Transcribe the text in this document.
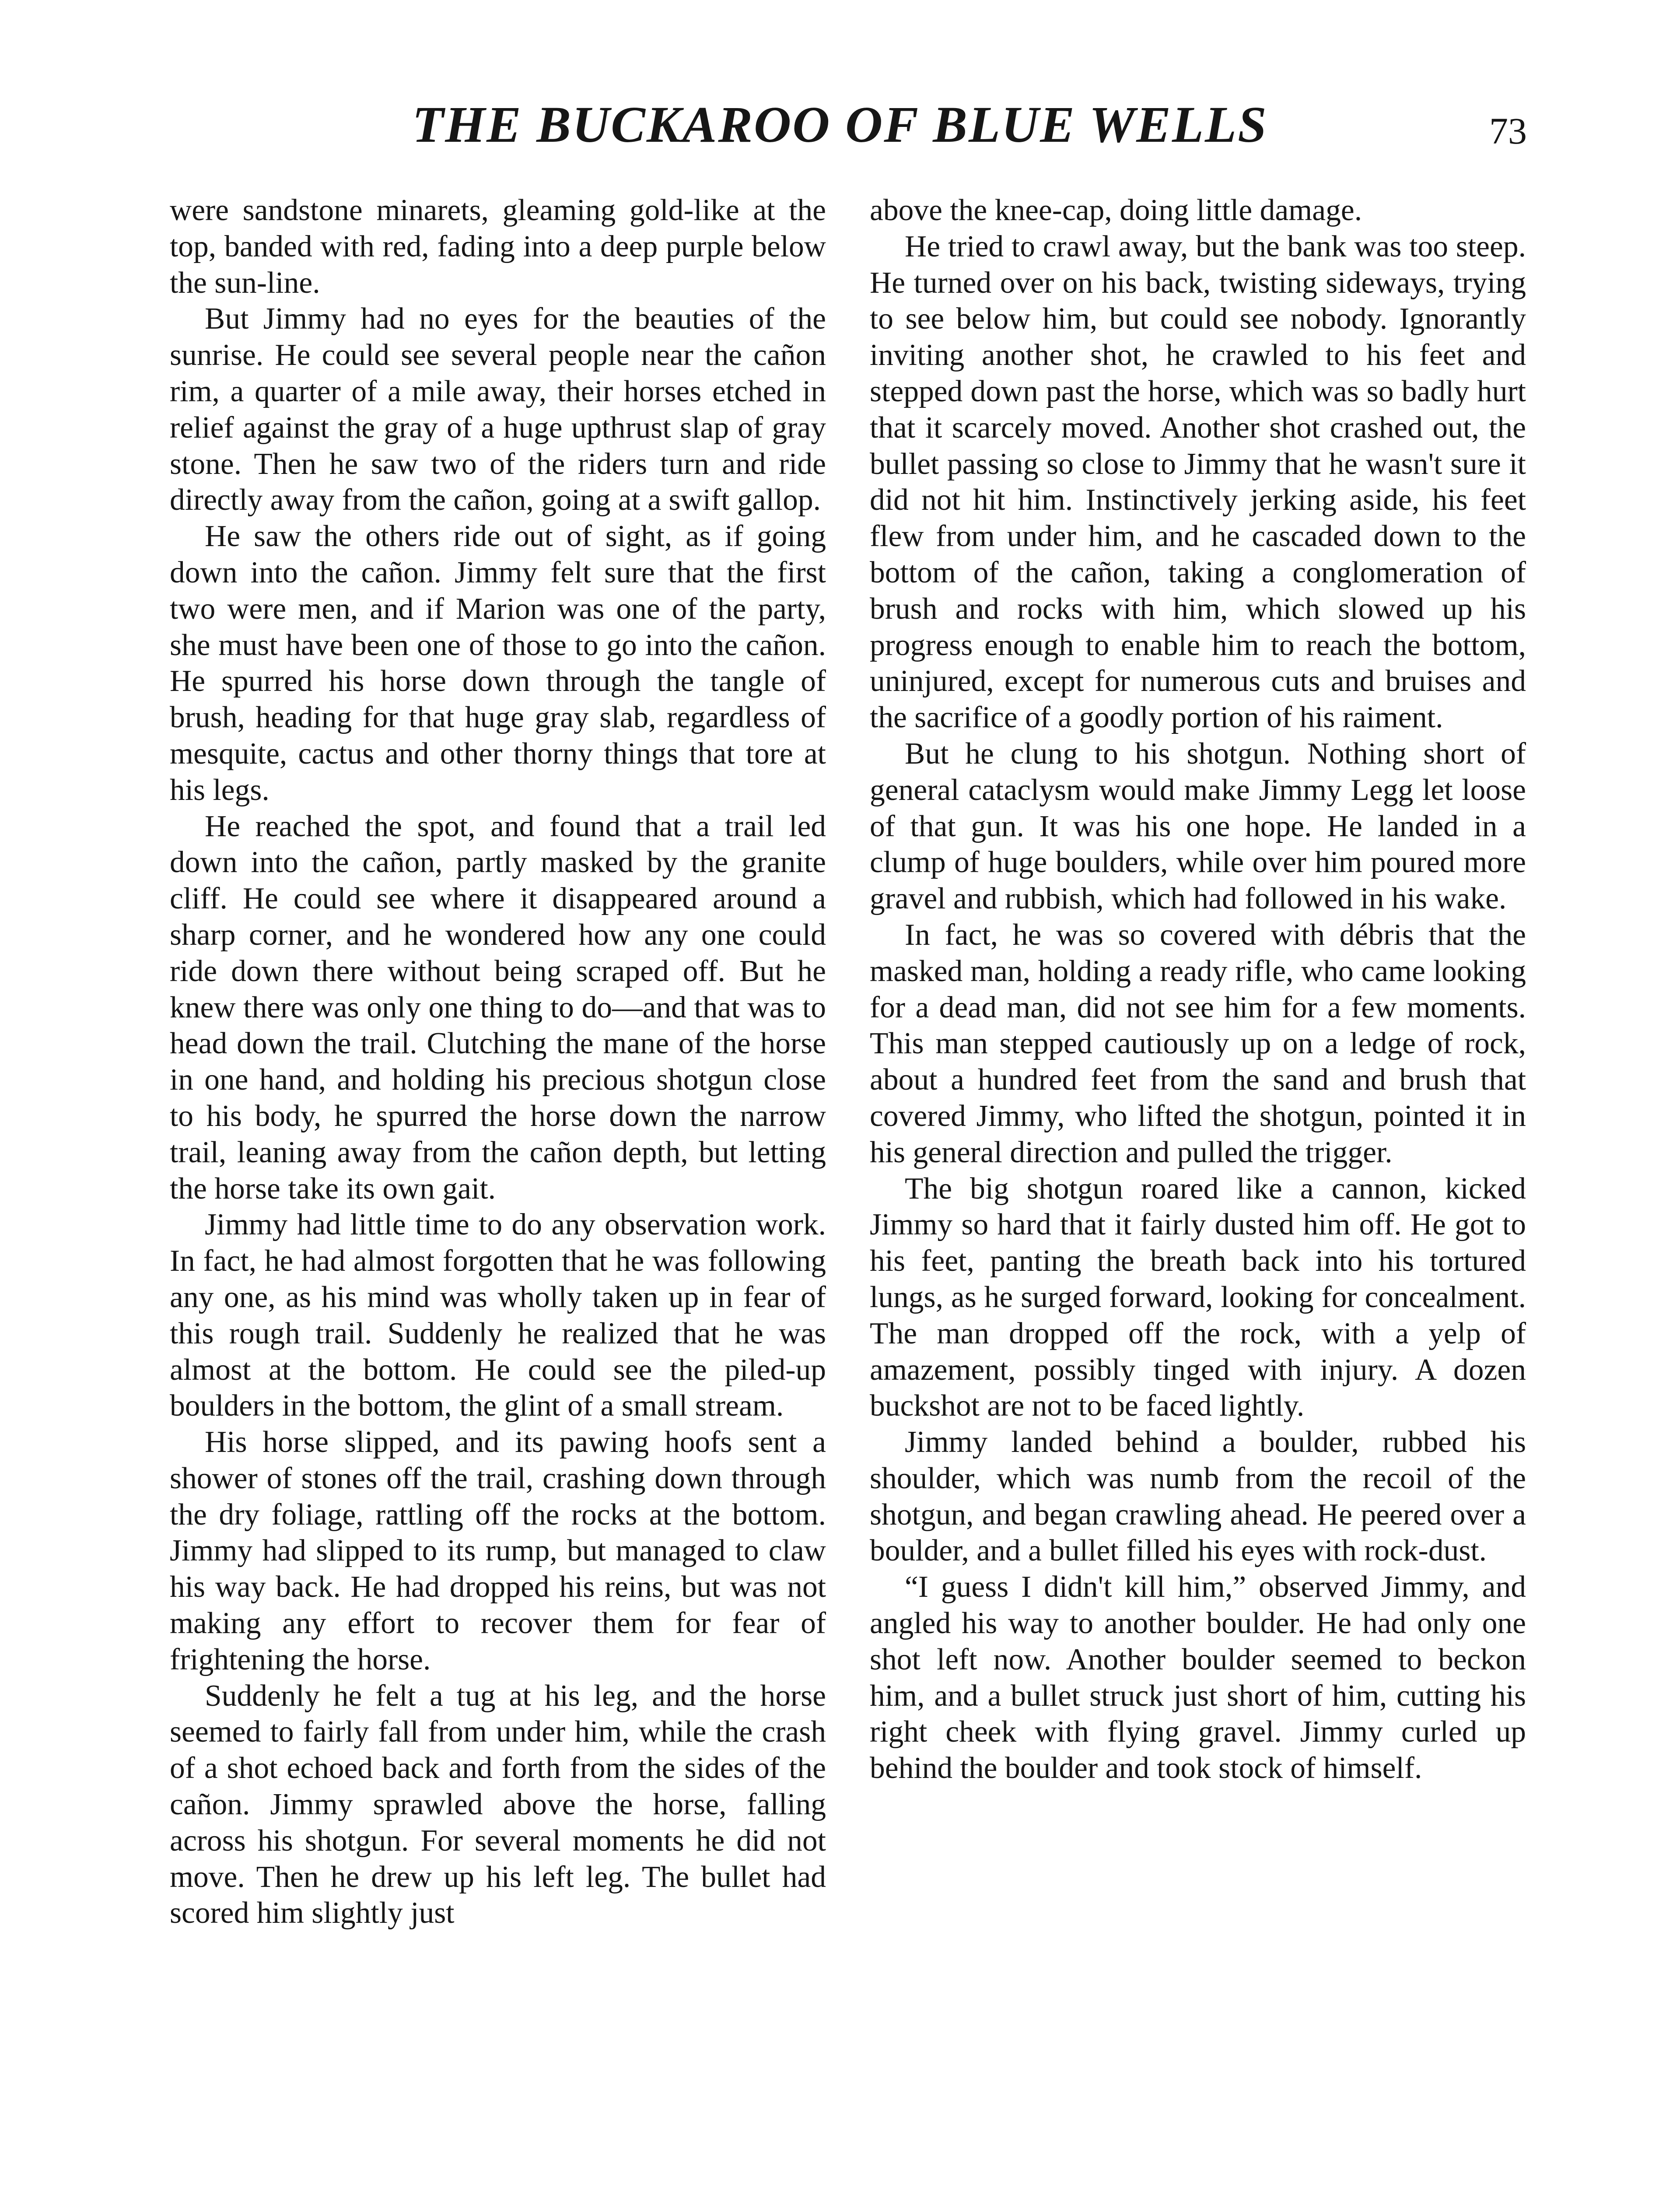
THE BUCKAROO OF BLUE WELLS	73

were sandstone minarets, gleaming gold-like at the top, banded with red, fading into a deep purple below the sun-line.

But Jimmy had no eyes for the beauties of the sunrise. He could see several people near the cañon rim, a quarter of a mile away, their horses etched in relief against the gray of a huge upthrust slap of gray stone. Then he saw two of the riders turn and ride directly away from the cañon, going at a swift gallop.

He saw the others ride out of sight, as if going down into the cañon. Jimmy felt sure that the first two were men, and if Marion was one of the party, she must have been one of those to go into the cañon. He spurred his horse down through the tangle of brush, heading for that huge gray slab, regardless of mesquite, cactus and other thorny things that tore at his legs.

He reached the spot, and found that a trail led down into the cañon, partly masked by the granite cliff. He could see where it disappeared around a sharp corner, and he wondered how any one could ride down there without being scraped off. But he knew there was only one thing to do—and that was to head down the trail. Clutching the mane of the horse in one hand, and holding his precious shotgun close to his body, he spurred the horse down the narrow trail, leaning away from the cañon depth, but letting the horse take its own gait.

Jimmy had little time to do any observation work. In fact, he had almost forgotten that he was following any one, as his mind was wholly taken up in fear of this rough trail. Suddenly he realized that he was almost at the bottom. He could see the piled-up boulders in the bottom, the glint of a small stream.

His horse slipped, and its pawing hoofs sent a shower of stones off the trail, crashing down through the dry foliage, rattling off the rocks at the bottom. Jimmy had slipped to its rump, but managed to claw his way back. He had dropped his reins, but was not making any effort to recover them for fear of frightening the horse.

Suddenly he felt a tug at his leg, and the horse seemed to fairly fall from under him, while the crash of a shot echoed back and forth from the sides of the cañon. Jimmy sprawled above the horse, falling across his shotgun. For several moments he did not move. Then he drew up his left leg. The bullet had scored him slightly just

above the knee-cap, doing little damage.

He tried to crawl away, but the bank was too steep. He turned over on his back, twisting sideways, trying to see below him, but could see nobody. Ignorantly inviting another shot, he crawled to his feet and stepped down past the horse, which was so badly hurt that it scarcely moved. Another shot crashed out, the bullet passing so close to Jimmy that he wasn't sure it did not hit him. Instinctively jerking aside, his feet flew from under him, and he cascaded down to the bottom of the cañon, taking a conglomeration of brush and rocks with him, which slowed up his progress enough to enable him to reach the bottom, uninjured, except for numerous cuts and bruises and the sacrifice of a goodly portion of his raiment.

But he clung to his shotgun. Nothing short of general cataclysm would make Jimmy Legg let loose of that gun. It was his one hope. He landed in a clump of huge boulders, while over him poured more gravel and rubbish, which had followed in his wake.

In fact, he was so covered with débris that the masked man, holding a ready rifle, who came looking for a dead man, did not see him for a few moments. This man stepped cautiously up on a ledge of rock, about a hundred feet from the sand and brush that covered Jimmy, who lifted the shotgun, pointed it in his general direction and pulled the trigger.

The big shotgun roared like a cannon, kicked Jimmy so hard that it fairly dusted him off. He got to his feet, panting the breath back into his tortured lungs, as he surged forward, looking for concealment. The man dropped off the rock, with a yelp of amazement, possibly tinged with injury. A dozen buckshot are not to be faced lightly.

Jimmy landed behind a boulder, rubbed his shoulder, which was numb from the recoil of the shotgun, and began crawling ahead. He peered over a boulder, and a bullet filled his eyes with rock-dust.

“I guess I didn't kill him,” observed Jimmy, and angled his way to another boulder. He had only one shot left now. Another boulder seemed to beckon him, and a bullet struck just short of him, cutting his right cheek with flying gravel. Jimmy curled up behind the boulder and took stock of himself.
